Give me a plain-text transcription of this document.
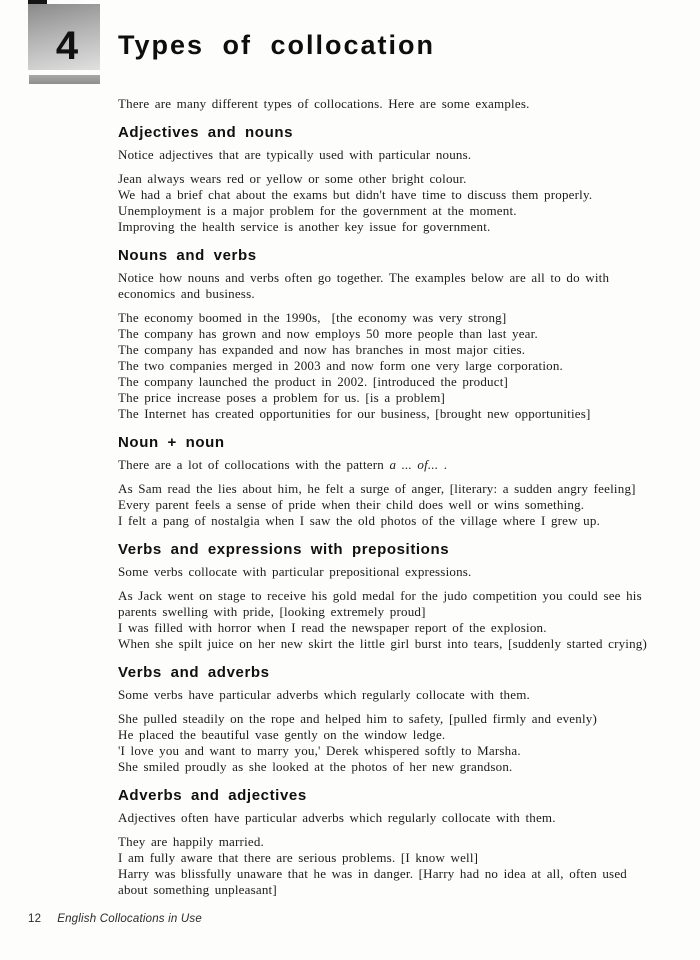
4 Types of collocation

There are many different types of collocations. Here are some examples.

Adjectives and nouns

Notice adjectives that are typically used with particular nouns.

Jean always wears red or yellow or some other bright colour.

We had a brief chat about the exams but didn't have time to discuss them properly.

Unemployment is a major problem for the government at the moment.

Improving the health service is another key issue for government.

Nouns and verbs

Notice how nouns and verbs often go together. The examples below are all to do with

economics and business.

The economy boomed in the 1990s,  [the economy was very strong]

The company has grown and now employs 50 more people than last year.

The company has expanded and now has branches in most major cities.

The two companies merged in 2003 and now form one very large corporation.

The company launched the product in 2002. [introduced the product]

The price increase poses a problem for us. [is a problem]

The Internet has created opportunities for our business, [brought new opportunities]

Noun + noun

There are a lot of collocations with the pattern a ... of... .

As Sam read the lies about him, he felt a surge of anger, [literary: a sudden angry feeling]

Every parent feels a sense of pride when their child does well or wins something.

I felt a pang of nostalgia when I saw the old photos of the village where I grew up.

Verbs and expressions with prepositions

Some verbs collocate with particular prepositional expressions.

As Jack went on stage to receive his gold medal for the judo competition you could see his

parents swelling with pride, [looking extremely proud]

I was filled with horror when I read the newspaper report of the explosion.

When she spilt juice on her new skirt the little girl burst into tears, [suddenly started crying)

Verbs and adverbs

Some verbs have particular adverbs which regularly collocate with them.

She pulled steadily on the rope and helped him to safety, [pulled firmly and evenly)

He placed the beautiful vase gently on the window ledge.

'I love you and want to marry you,' Derek whispered softly to Marsha.

She smiled proudly as she looked at the photos of her new grandson.

Adverbs and adjectives

Adjectives often have particular adverbs which regularly collocate with them.

They are happily married.

I am fully aware that there are serious problems. [I know well]

Harry was blissfully unaware that he was in danger. [Harry had no idea at all, often used

about something unpleasant]

12 English Collocations in Use
